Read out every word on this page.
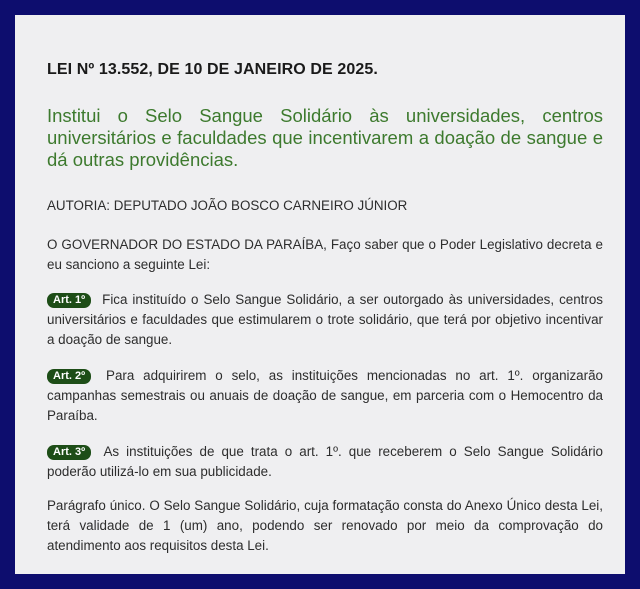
LEI Nº 13.552, DE 10 DE JANEIRO DE 2025.
Institui o Selo Sangue Solidário às universidades, centros universitários e faculdades que incentivarem a doação de sangue e dá outras providências.
AUTORIA: DEPUTADO JOÃO BOSCO CARNEIRO JÚNIOR
O GOVERNADOR DO ESTADO DA PARAÍBA, Faço saber que o Poder Legislativo decreta e eu sanciono a seguinte Lei:
Art. 1º Fica instituído o Selo Sangue Solidário, a ser outorgado às universidades, centros universitários e faculdades que estimularem o trote solidário, que terá por objetivo incentivar a doação de sangue.
Art. 2º Para adquirirem o selo, as instituições mencionadas no art. 1º. organizarão campanhas semestrais ou anuais de doação de sangue, em parceria com o Hemocentro da Paraíba.
Art. 3º As instituições de que trata o art. 1º. que receberem o Selo Sangue Solidário poderão utilizá-lo em sua publicidade.
Parágrafo único. O Selo Sangue Solidário, cuja formatação consta do Anexo Único desta Lei, terá validade de 1 (um) ano, podendo ser renovado por meio da comprovação do atendimento aos requisitos desta Lei.
